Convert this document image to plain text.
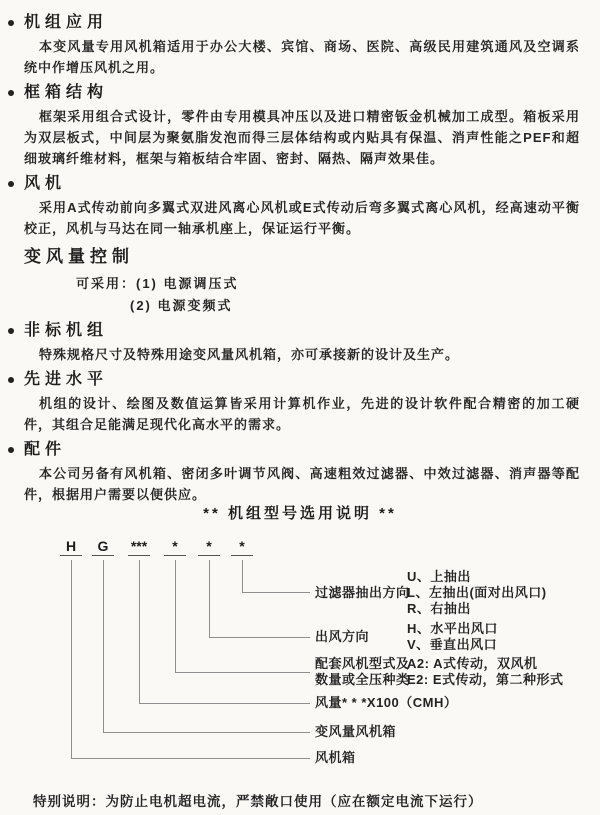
机组应用

本变风量专用风机箱适用于办公大楼、宾馆、商场、医院、高级民用建筑通风及空调系统中作增压风机之用。

框箱结构

框架采用组合式设计，零件由专用模具冲压以及进口精密钣金机械加工成型。箱板采用为双层板式，中间层为聚氨脂发泡而得三层体结构或内贴具有保温、消声性能之PEF和超细玻璃纤维材料，框架与箱板结合牢固、密封、隔热、隔声效果佳。

风机

采用A式传动前向多翼式双进风离心风机或E式传动后弯多翼式离心风机，经高速动平衡校正，风机与马达在同一轴承机座上，保证运行平衡。

变风量控制
可采用：(1) 电源调压式
(2) 电源变频式
非标机组

特殊规格尺寸及特殊用途变风量风机箱，亦可承接新的设计及生产。

先进水平

机组的设计、绘图及数值运算皆采用计算机作业，先进的设计软件配合精密的加工硬件，其组合足能满足现代化高水平的需求。

配件

本公司另备有风机箱、密闭多叶调节风阀、高速粗效过滤器、中效过滤器、消声器等配件，根据用户需要以便供应。

** 机组型号选用说明 **
H	G	***	*	*	*
过滤器抽出方向
U、上抽出
L、左抽出(面对出风口)
R、右抽出
出风方向
H、水平出风口
V、垂直出风口
配套风机型式及
数量或全压种类
A2: A式传动，双风机
E2: E式传动，第二种形式
风量* * *X100（CMH）
变风量风机箱
风机箱
特别说明：为防止电机超电流，严禁敞口使用（应在额定电流下运行）
